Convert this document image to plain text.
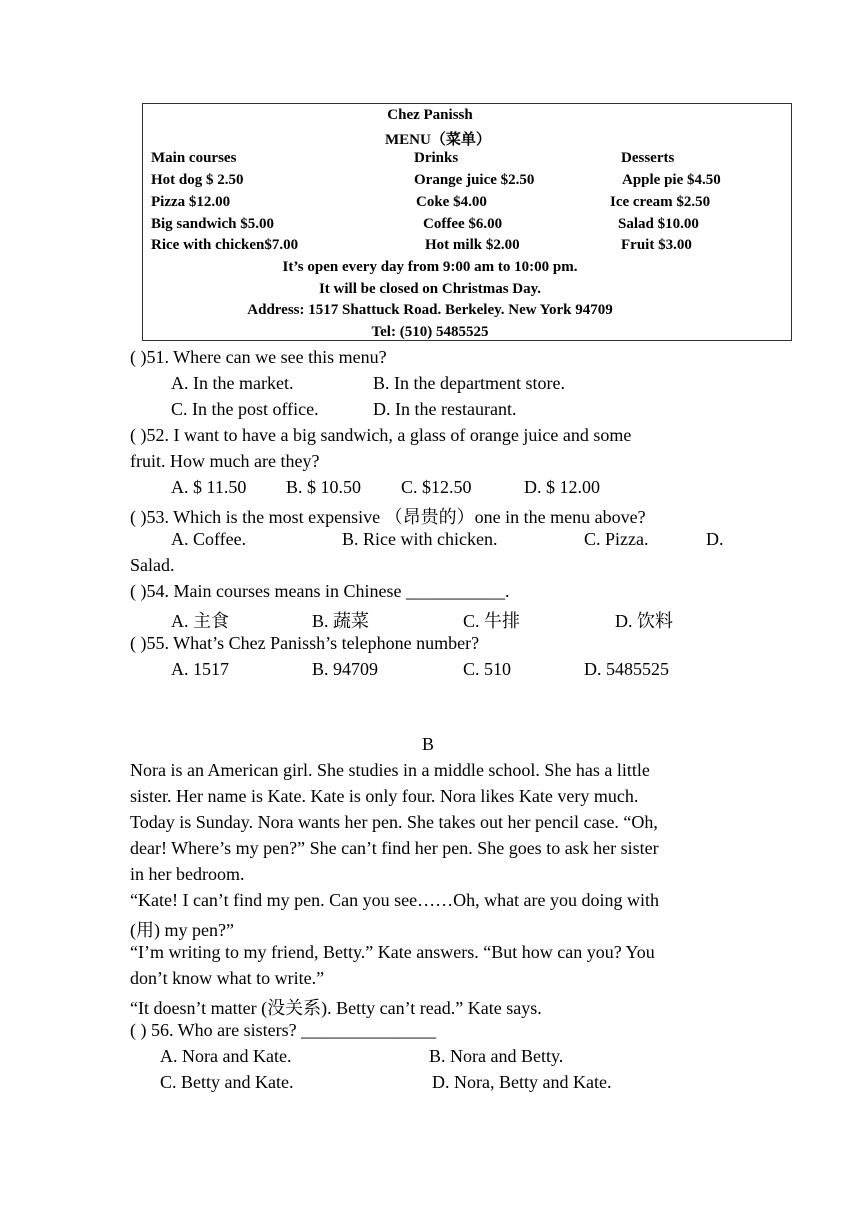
Chez Panissh
MENU（菜单）
Main courses	Drinks	Desserts
Hot dog $ 2.50	Orange juice $2.50	Apple pie $4.50
Pizza $12.00	Coke $4.00	Ice cream $2.50
Big sandwich $5.00	Coffee $6.00	Salad $10.00
Rice with chicken$7.00	Hot milk $2.00	Fruit $3.00
It’s open every day from 9:00 am to 10:00 pm.
It will be closed on Christmas Day.
Address: 1517 Shattuck Road. Berkeley. New York 94709
Tel: (510) 5485525
( )51. Where can we see this menu?
A. In the market.	B. In the department store.
C. In the post office.	D. In the restaurant.
( )52. I want to have a big sandwich, a glass of orange juice and some
fruit. How much are they?
A. $ 11.50 B. $ 10.50 C. $12.50	D. $ 12.00
( )53. Which is the most expensive （昂贵的）one in the menu above?
A. Coffee.	B. Rice with chicken.	C. Pizza.	D.
Salad.
( )54. Main courses means in Chinese ___________.
A. 主食	B. 蔬菜	C. 牛排	D. 饮料
( )55. What’s Chez Panissh’s telephone number?
A. 1517	B. 94709	C. 510	D. 5485525
B
Nora is an American girl. She studies in a middle school. She has a little
sister. Her name is Kate. Kate is only four. Nora likes Kate very much.
Today is Sunday. Nora wants her pen. She takes out her pencil case. “Oh,
dear! Where’s my pen?” She can’t find her pen. She goes to ask her sister
in her bedroom.
“Kate! I can’t find my pen. Can you see……Oh, what are you doing with
(用) my pen?”
“I’m writing to my friend, Betty.” Kate answers. “But how can you? You
don’t know what to write.”
“It doesn’t matter (没关系). Betty can’t read.” Kate says.
( ) 56. Who are sisters? _______________
A. Nora and Kate.	B. Nora and Betty.
C. Betty and Kate.	D. Nora, Betty and Kate.
